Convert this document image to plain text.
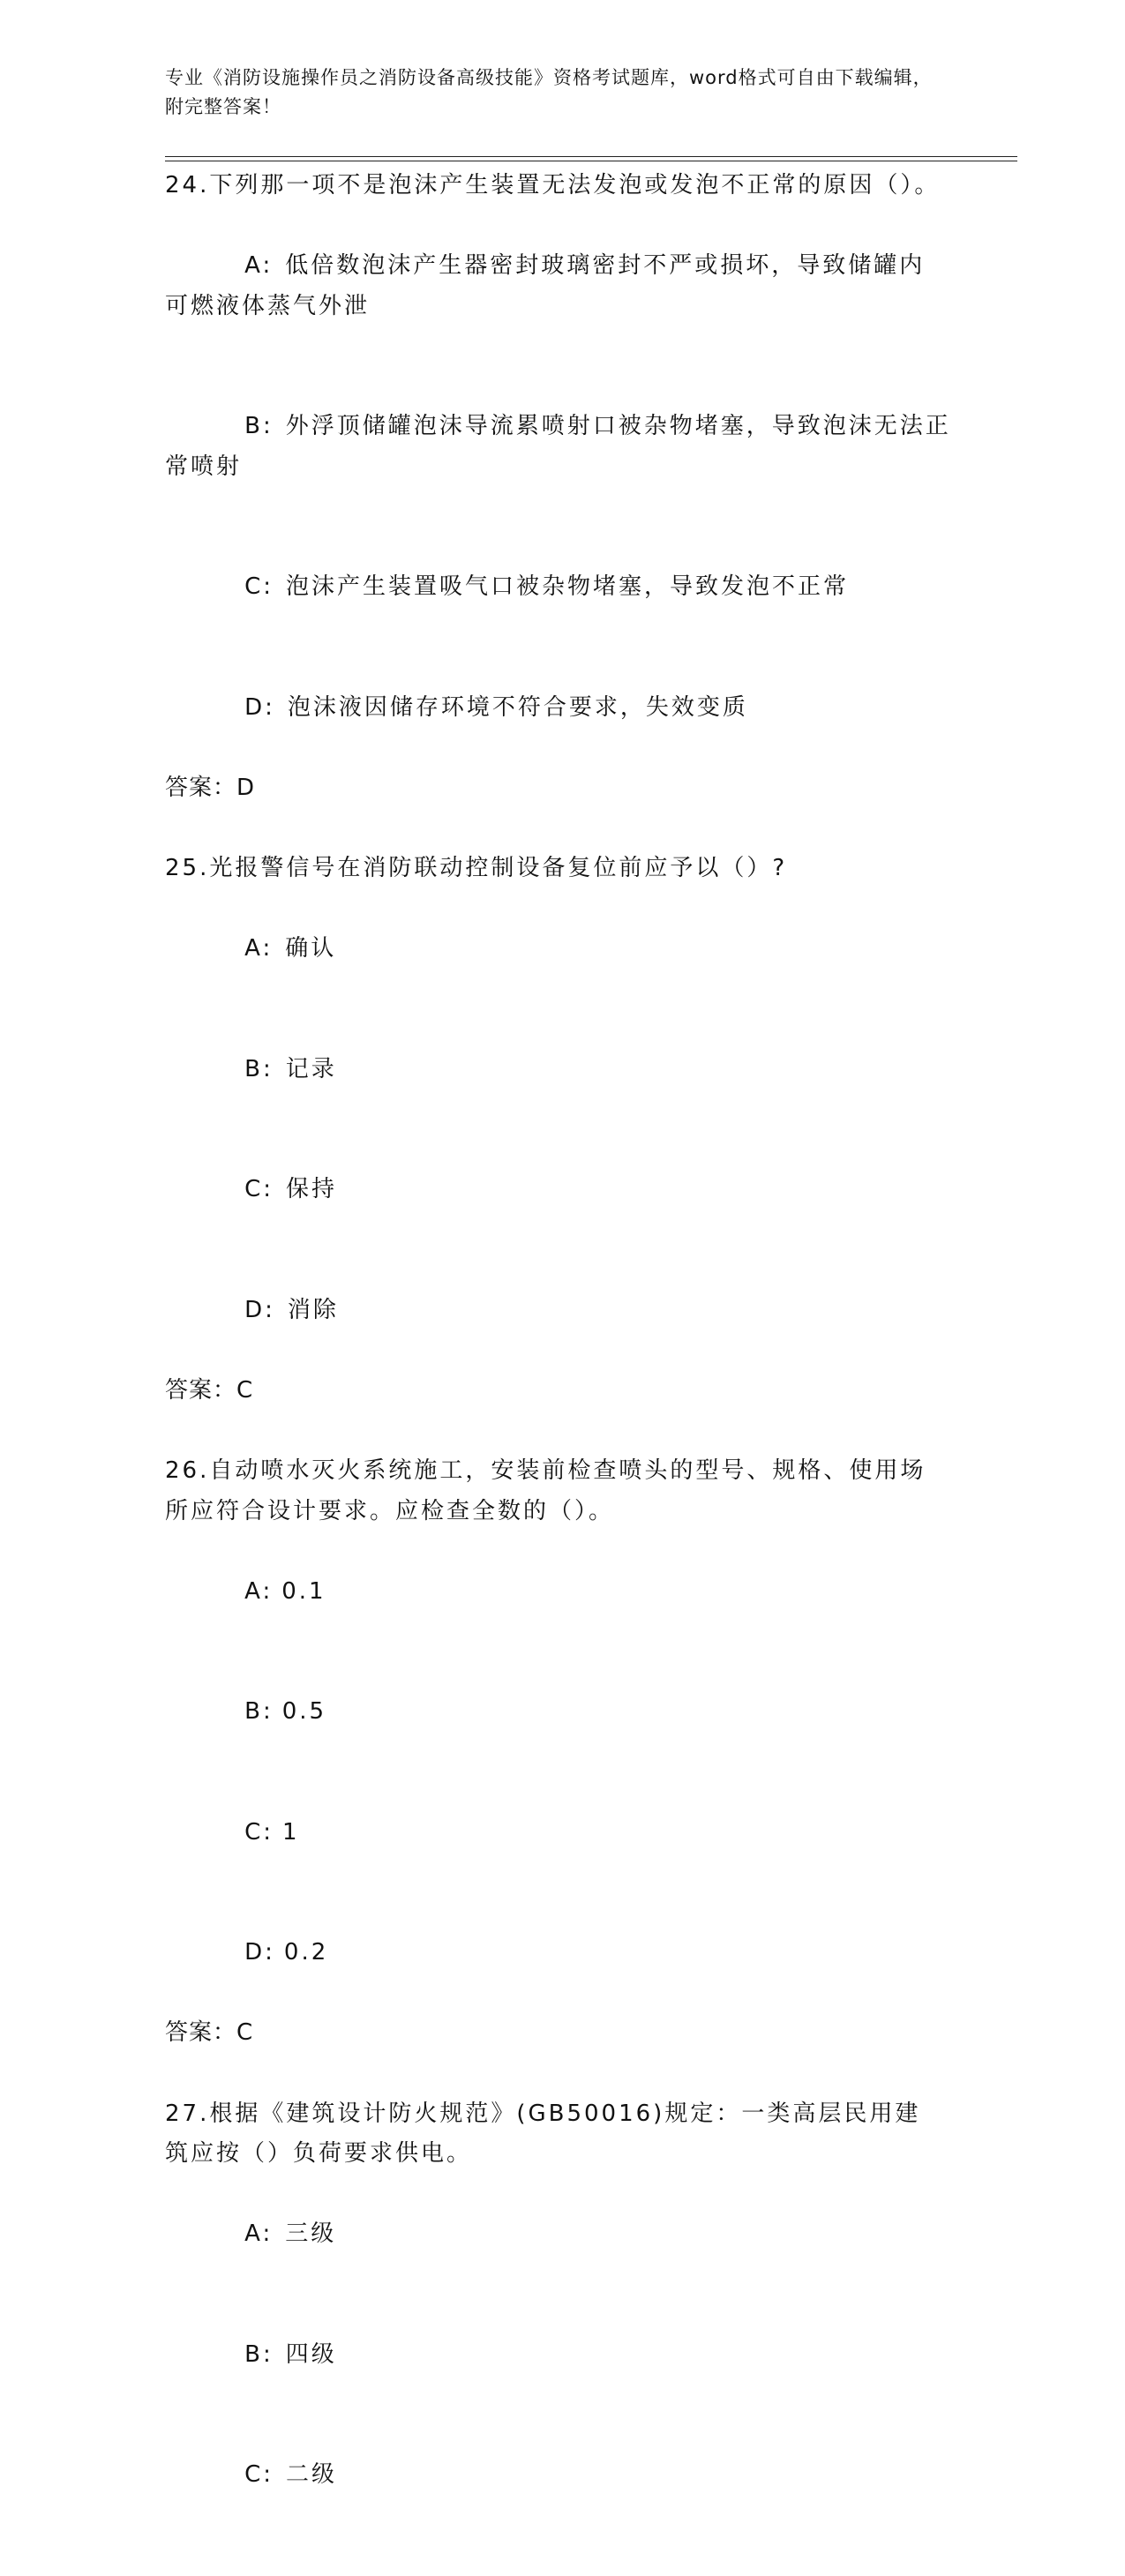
专业《消防设施操作员之消防设备高级技能》资格考试题库，word格式可自由下载编辑，附完整答案！
24.下列那一项不是泡沫产生装置无法发泡或发泡不正常的原因（）。

A: 低倍数泡沫产生器密封玻璃密封不严或损坏，导致储罐内可燃液体蒸气外泄

B: 外浮顶储罐泡沫导流累喷射口被杂物堵塞，导致泡沫无法正常喷射

C: 泡沫产生装置吸气口被杂物堵塞，导致发泡不正常

D: 泡沫液因储存环境不符合要求，失效变质

答案：D
25.光报警信号在消防联动控制设备复位前应予以（）?

A: 确认

B: 记录

C: 保持

D: 消除

答案：C
26.自动喷水灭火系统施工，安装前检查喷头的型号、规格、使用场所应符合设计要求。应检查全数的（）。

A: 0.1

B: 0.5

C: 1

D: 0.2

答案：C
27.根据《建筑设计防火规范》(GB50016)规定：一类高层民用建筑应按（）负荷要求供电。

A: 三级

B: 四级

C: 二级
